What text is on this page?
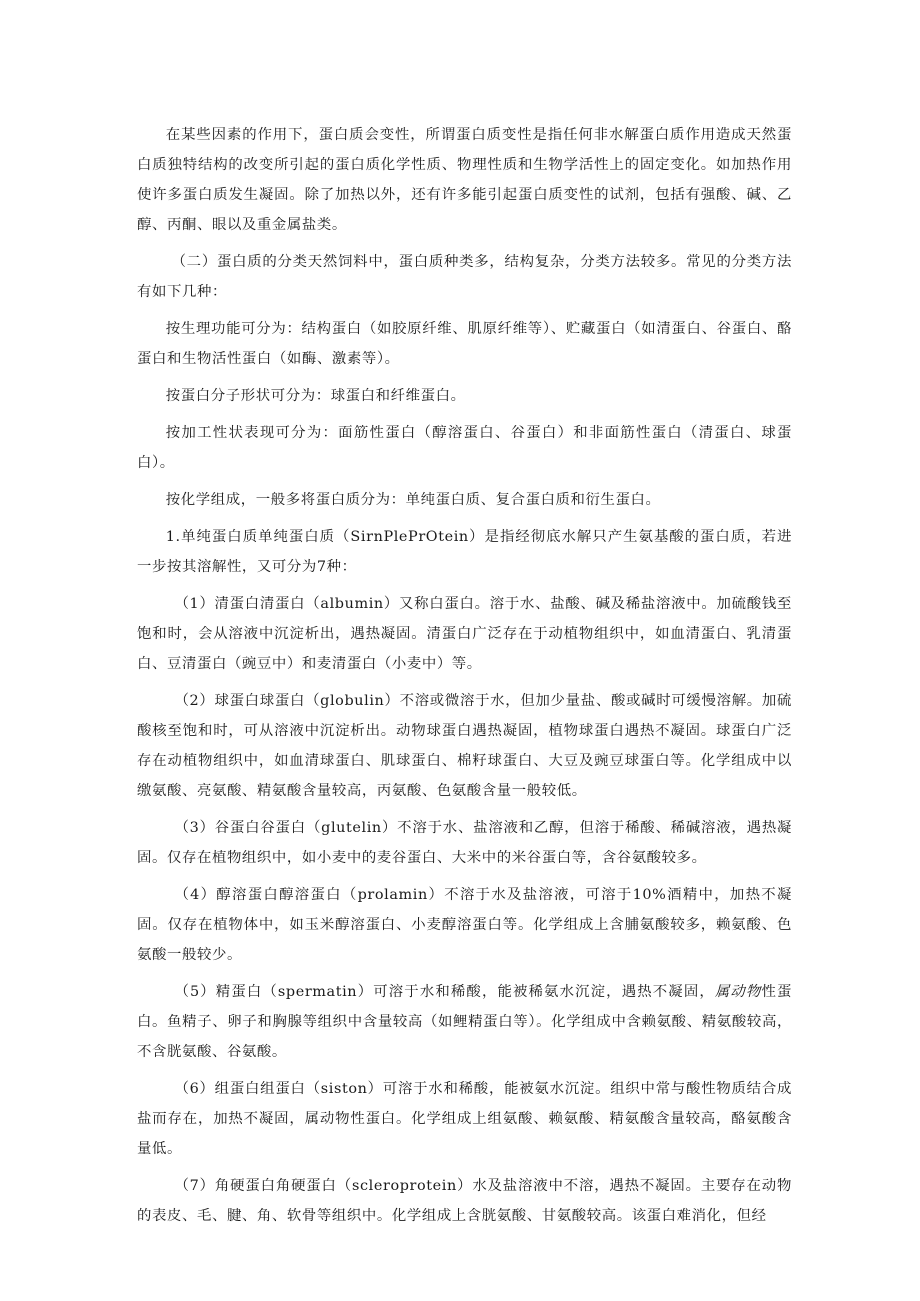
在某些因素的作用下，蛋白质会变性，所谓蛋白质变性是指任何非水解蛋白质作用造成天然蛋白质独特结构的改变所引起的蛋白质化学性质、物理性质和生物学活性上的固定变化。如加热作用使许多蛋白质发生凝固。除了加热以外，还有许多能引起蛋白质变性的试剂，包括有强酸、碱、乙醇、丙酮、眼以及重金属盐类。

（二）蛋白质的分类天然饲料中，蛋白质种类多，结构复杂，分类方法较多。常见的分类方法有如下几种：

按生理功能可分为：结构蛋白（如胶原纤维、肌原纤维等）、贮藏蛋白（如清蛋白、谷蛋白、酪蛋白和生物活性蛋白（如酶、激素等）。

按蛋白分子形状可分为：球蛋白和纤维蛋白。

按加工性状表现可分为：面筋性蛋白（醇溶蛋白、谷蛋白）和非面筋性蛋白（清蛋白、球蛋白）。

按化学组成，一般多将蛋白质分为：单纯蛋白质、复合蛋白质和衍生蛋白。

1.单纯蛋白质单纯蛋白质（SirnPlePrOtein）是指经彻底水解只产生氨基酸的蛋白质，若进一步按其溶解性，又可分为7种：

（1）清蛋白清蛋白（albumin）又称白蛋白。溶于水、盐酸、碱及稀盐溶液中。加硫酸钱至饱和时，会从溶液中沉淀析出，遇热凝固。清蛋白广泛存在于动植物组织中，如血清蛋白、乳清蛋白、豆清蛋白（豌豆中）和麦清蛋白（小麦中）等。

（2）球蛋白球蛋白（globulin）不溶或微溶于水，但加少量盐、酸或碱时可缓慢溶解。加硫酸核至饱和时，可从溶液中沉淀析出。动物球蛋白遇热凝固，植物球蛋白遇热不凝固。球蛋白广泛存在动植物组织中，如血清球蛋白、肌球蛋白、棉籽球蛋白、大豆及豌豆球蛋白等。化学组成中以缴氨酸、亮氨酸、精氨酸含量较高，丙氨酸、色氨酸含量一般较低。

（3）谷蛋白谷蛋白（glutelin）不溶于水、盐溶液和乙醇，但溶于稀酸、稀碱溶液，遇热凝固。仅存在植物组织中，如小麦中的麦谷蛋白、大米中的米谷蛋白等，含谷氨酸较多。

（4）醇溶蛋白醇溶蛋白（prolamin）不溶于水及盐溶液，可溶于10%酒精中，加热不凝固。仅存在植物体中，如玉米醇溶蛋白、小麦醇溶蛋白等。化学组成上含脯氨酸较多，赖氨酸、色氨酸一般较少。

（5）精蛋白（spermatin）可溶于水和稀酸，能被稀氨水沉淀，遇热不凝固，属动物性蛋白。鱼精子、卵子和胸腺等组织中含量较高（如鲤精蛋白等）。化学组成中含赖氨酸、精氨酸较高，不含胱氨酸、谷氨酸。

（6）组蛋白组蛋白（siston）可溶于水和稀酸，能被氨水沉淀。组织中常与酸性物质结合成盐而存在，加热不凝固，属动物性蛋白。化学组成上组氨酸、赖氨酸、精氨酸含量较高，酪氨酸含量低。

（7）角硬蛋白角硬蛋白（scleroprotein）水及盐溶液中不溶，遇热不凝固。主要存在动物的表皮、毛、腱、角、软骨等组织中。化学组成上含胱氨酸、甘氨酸较高。该蛋白难消化，但经
